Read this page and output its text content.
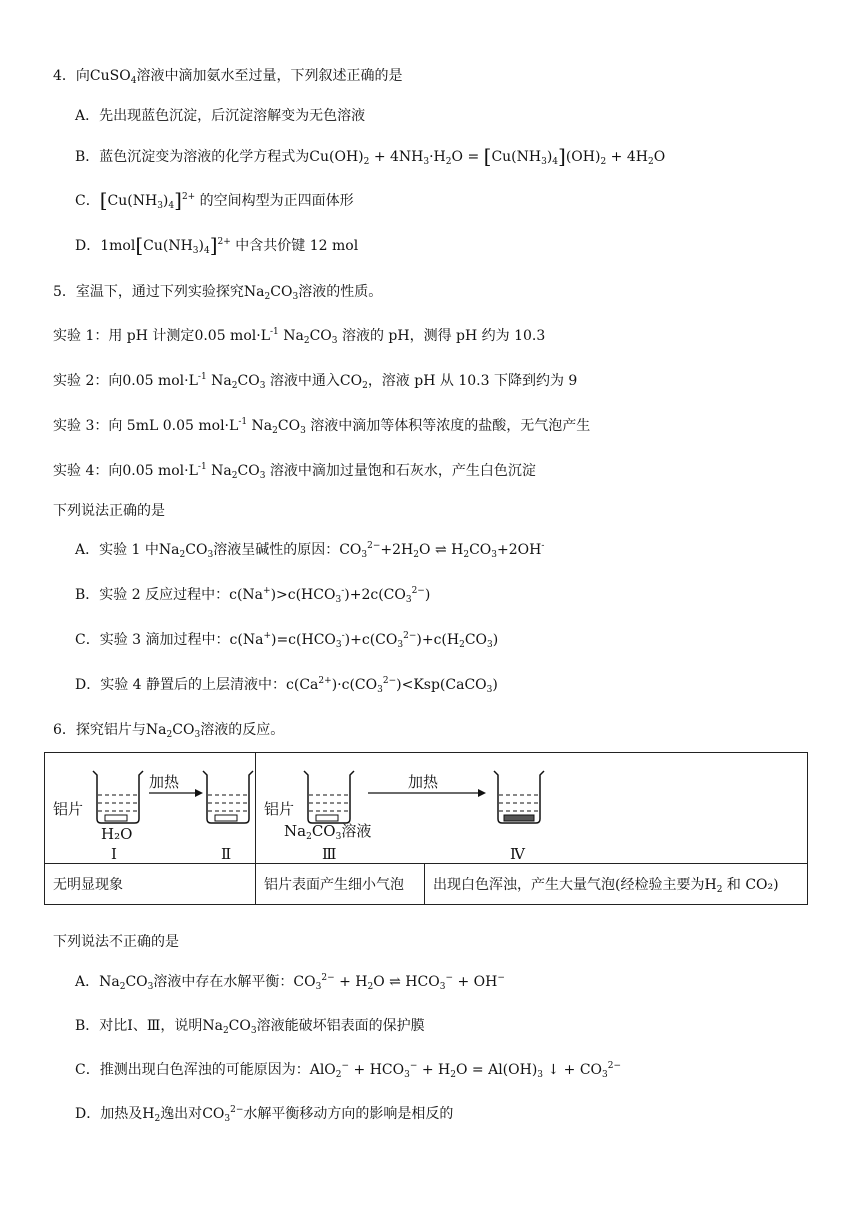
4．向CuSO$_4$溶液中滴加氨水至过量，下列叙述正确的是
A．先出现蓝色沉淀，后沉淀溶解变为无色溶液
B．蓝色沉淀变为溶液的化学方程式为$Cu(OH)_2 + 4NH_3\cdot H_2O = [Cu(NH_3)_4](OH)_2 + 4H_2O$
C．$[Cu(NH_3)_4]^{2+}$ 的空间构型为正四面体形
D．$1mol[Cu(NH_3)_4]^{2+}$ 中含共价键 12 mol
5．室温下，通过下列实验探究$Na_2CO_3$溶液的性质。
实验 1：用 pH 计测定0.05 $mol\cdot L^{-1}$ $Na_2CO_3$ 溶液的 pH，测得 pH 约为 10.3
实验 2：向0.05 $mol\cdot L^{-1}$ $Na_2CO_3$ 溶液中通入$CO_2$，溶液 pH 从 10.3 下降到约为 9
实验 3：向 5mL 0.05 $mol\cdot L^{-1}$ $Na_2CO_3$ 溶液中滴加等体积等浓度的盐酸，无气泡产生
实验 4：向0.05 $mol\cdot L^{-1}$ $Na_2CO_3$ 溶液中滴加过量饱和石灰水，产生白色沉淀
下列说法正确的是
A．实验 1 中$Na_2CO_3$溶液呈碱性的原因：$CO_3^{2-}+2H_2O$ ⇌ $H_2CO_3+2OH^-$
B．实验 2 反应过程中：$c(Na^+)>c(HCO_3^-)+2c(CO_3^{2-})$
C．实验 3 滴加过程中：$c(Na^+)=c(HCO_3^-)+c(CO_3^{2-})+c(H_2CO_3)$
D．实验 4 静置后的上层清液中：$c(Ca^{2+})\cdot c(CO_3^{2-})<Ksp(CaCO_3)$
6．探究铝片与$Na_2CO_3$溶液的反应。
加热
铝片
H₂O
Ⅰ Ⅱ	加热
铝片
$Na_2CO_3$溶液
Ⅲ Ⅳ	

无明显现象	铝片表面产生细小气泡	出现白色浑浊，产生大量气泡(经检验主要为$H_2$ 和 CO₂)
下列说法不正确的是
A．$Na_2CO_3$溶液中存在水解平衡：$CO_3^{2-} + H_2O$ ⇌ $HCO_3^- + OH^-$
B．对比Ⅰ、Ⅲ，说明$Na_2CO_3$溶液能破坏铝表面的保护膜
C．推测出现白色浑浊的可能原因为：$AlO_2^- + HCO_3^- + H_2O = Al(OH)_3$ ↓ + $CO_3^{2-}$
D．加热及$H_2$逸出对$CO_3^{2-}$水解平衡移动方向的影响是相反的
